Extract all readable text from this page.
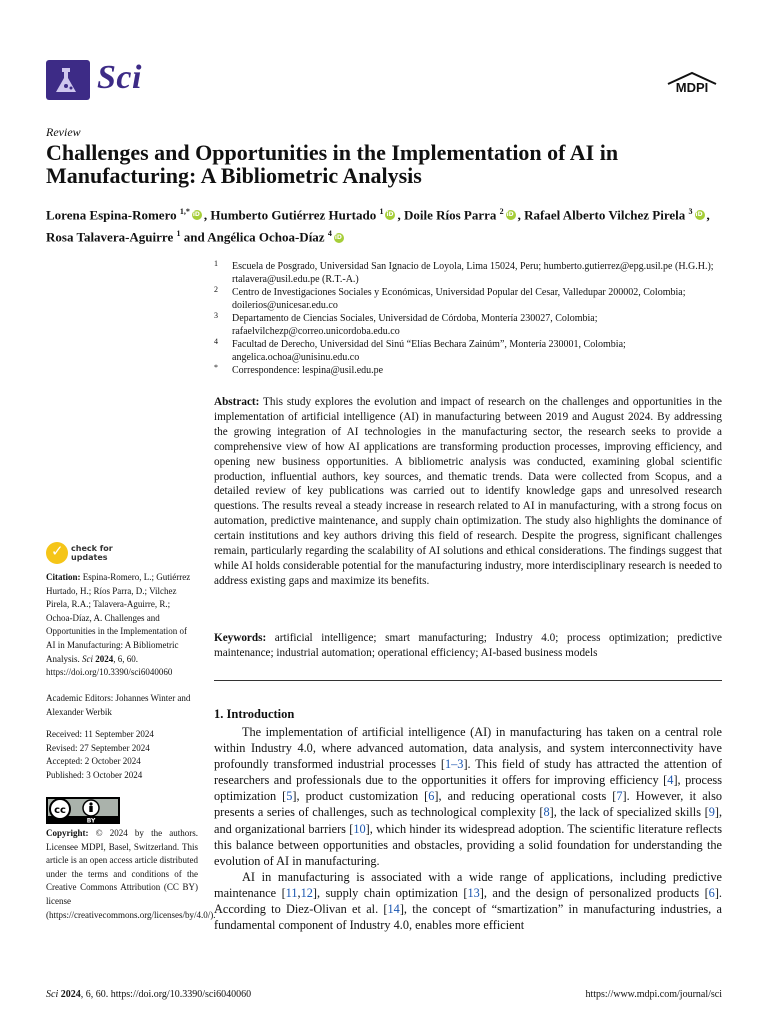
Sci	MDPI
Review
Challenges and Opportunities in the Implementation of AI in Manufacturing: A Bibliometric Analysis
Lorena Espina-Romero $^{1,*}$ iD , Humberto Gutiérrez Hurtado $^1$ iD , Doile Ríos Parra $^2$ iD , Rafael Alberto Vilchez Pirela $^3$ iD ,
Rosa Talavera-Aguirre $^1$ and Angélica Ochoa-Díaz $^4$iD
1 Escuela de Posgrado, Universidad San Ignacio de Loyola, Lima 15024, Peru; humberto.gutierrez@epg.usil.pe (H.G.H.); rtalavera@usil.edu.pe (R.T.-A.)
2 Centro de Investigaciones Sociales y Económicas, Universidad Popular del Cesar, Valledupar 200002, Colombia; doilerios@unicesar.edu.co
3 Departamento de Ciencias Sociales, Universidad de Córdoba, Montería 230027, Colombia; rafaelvilchezp@correo.unicordoba.edu.co
4 Facultad de Derecho, Universidad del Sinú “Elías Bechara Zainúm”, Montería 230001, Colombia; angelica.ochoa@unisinu.edu.co
* Correspondence: lespina@usil.edu.pe
Abstract: This study explores the evolution and impact of research on the challenges and opportunities in the implementation of artificial intelligence (AI) in manufacturing between 2019 and August 2024. By addressing the growing integration of AI technologies in the manufacturing sector, the research seeks to provide a comprehensive view of how AI applications are transforming production processes, improving efficiency, and opening new business opportunities. A bibliometric analysis was conducted, examining global scientific production, influential authors, key sources, and thematic trends. Data were collected from Scopus, and a detailed review of key publications was carried out to identify knowledge gaps and unresolved research questions. The results reveal a steady increase in research related to AI in manufacturing, with a strong focus on automation, predictive maintenance, and supply chain optimization. The study also highlights the dominance of certain institutions and key authors driving this field of research. Despite the progress, significant challenges remain, particularly regarding the scalability of AI solutions and ethical considerations. The findings suggest that while AI holds considerable potential for the manufacturing industry, more interdisciplinary research is needed to address existing gaps and maximize its benefits.
Keywords: artificial intelligence; smart manufacturing; Industry 4.0; process optimization; predictive maintenance; industrial automation; operational efficiency; AI-based business models
1. Introduction

The implementation of artificial intelligence (AI) in manufacturing has taken on a central role within Industry 4.0, where advanced automation, data analysis, and system interconnectivity have profoundly transformed industrial processes [1–3]. This field of study has attracted the attention of researchers and professionals due to the opportunities it offers for improving efficiency [4], process optimization [5], product customization [6], and reducing operational costs [7]. However, it also presents a series of challenges, such as technological complexity [8], the lack of specialized skills [9], and organizational barriers [10], which hinder its widespread adoption. The scientific literature reflects this balance between opportunities and obstacles, providing a solid foundation for understanding the evolution of AI in manufacturing.

AI in manufacturing is associated with a wide range of applications, including predictive maintenance [11,12], supply chain optimization [13], and the design of personalized products [6]. According to Diez-Olivan et al. [14], the concept of “smartization” in manufacturing industries, a fundamental component of Industry 4.0, enables more efficient

✓
check for
updates
Citation: Espina-Romero, L.; Gutiérrez Hurtado, H.; Ríos Parra, D.; Vilchez Pirela, R.A.; Talavera-Aguirre, R.; Ochoa-Díaz, A. Challenges and Opportunities in the Implementation of AI in Manufacturing: A Bibliometric Analysis. Sci 2024, 6, 60. https://doi.org/10.3390/sci6040060
Academic Editors: Johannes Winter and Alexander Werbik
Received: 11 September 2024
Revised: 27 September 2024
Accepted: 2 October 2024
Published: 3 October 2024
cc
BY
Copyright: © 2024 by the authors. Licensee MDPI, Basel, Switzerland. This article is an open access article distributed under the terms and conditions of the Creative Commons Attribution (CC BY) license (https://creativecommons.org/licenses/by/4.0/).
Sci 2024, 6, 60. https://doi.org/10.3390/sci6040060	https://www.mdpi.com/journal/sci
